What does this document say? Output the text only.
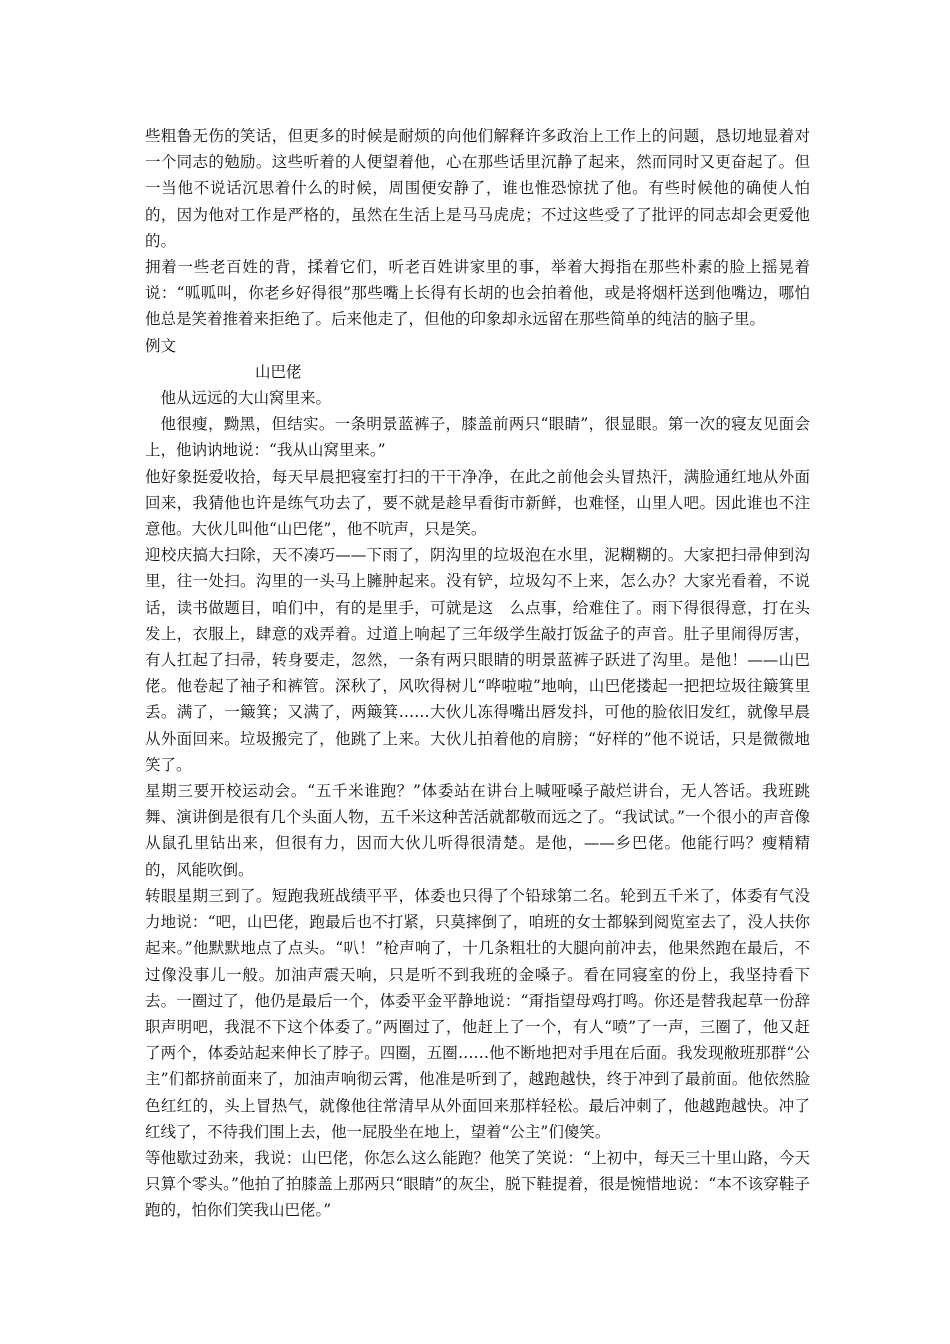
些粗鲁无伤的笑话，但更多的时候是耐烦的向他们解释许多政治上工作上的问题，恳切地显着对一个同志的勉励。这些听着的人便望着他，心在那些话里沉静了起来，然而同时又更奋起了。但一当他不说话沉思着什么的时候，周围便安静了，谁也惟恐惊扰了他。有些时候他的确使人怕的，因为他对工作是严格的，虽然在生活上是马马虎虎；不过这些受了了批评的同志却会更爱他的。

拥着一些老百姓的背，揉着它们，听老百姓讲家里的事，举着大拇指在那些朴素的脸上摇晃着说：“呱呱叫，你老乡好得很”那些嘴上长得有长胡的也会拍着他，或是将烟杆送到他嘴边，哪怕他总是笑着推着来拒绝了。后来他走了，但他的印象却永远留在那些简单的纯洁的脑子里。

例文

山巴佬

他从远远的大山窝里来。

他很瘦，黝黑，但结实。一条明景蓝裤子，膝盖前两只“眼睛”，很显眼。第一次的寝友见面会上，他讷讷地说：“我从山窝里来。”

他好象挺爱收拾，每天早晨把寝室打扫的干干净净，在此之前他会头冒热汗，满脸通红地从外面回来，我猜他也许是练气功去了，要不就是趁早看街市新鲜，也难怪，山里人吧。因此谁也不注意他。大伙儿叫他“山巴佬”，他不吭声，只是笑。

迎校庆搞大扫除，天不凑巧——下雨了，阴沟里的垃圾泡在水里，泥糊糊的。大家把扫帚伸到沟里，往一处扫。沟里的一头马上臃肿起来。没有铲，垃圾勾不上来，怎么办？大家光看着，不说话，读书做题目，咱们中，有的是里手，可就是这　么点事，给难住了。雨下得很得意，打在头发上，衣服上，肆意的戏弄着。过道上响起了三年级学生敲打饭盆子的声音。肚子里闹得厉害，有人扛起了扫帚，转身要走，忽然，一条有两只眼睛的明景蓝裤子跃进了沟里。是他！——山巴佬。他卷起了袖子和裤管。深秋了，风吹得树儿“哗啦啦”地响，山巴佬搂起一把把垃圾往簸箕里丢。满了，一簸箕；又满了，两簸箕……大伙儿冻得嘴出唇发抖，可他的脸依旧发红，就像早晨从外面回来。垃圾搬完了，他跳了上来。大伙儿拍着他的肩膀；“好样的”他不说话，只是微微地笑了。

星期三要开校运动会。“五千米谁跑？”体委站在讲台上喊哑嗓子敲烂讲台，无人答话。我班跳舞、演讲倒是很有几个头面人物，五千米这种苦活就都敬而远之了。“我试试。”一个很小的声音像从鼠孔里钻出来，但很有力，因而大伙儿听得很清楚。是他，——乡巴佬。他能行吗？瘦精精的，风能吹倒。

转眼星期三到了。短跑我班战绩平平，体委也只得了个铅球第二名。轮到五千米了，体委有气没力地说：“吧，山巴佬，跑最后也不打紧，只莫摔倒了，咱班的女士都躲到阅览室去了，没人扶你起来。”他默默地点了点头。“叭！”枪声响了，十几条粗壮的大腿向前冲去，他果然跑在最后，不过像没事儿一般。加油声震天响，只是听不到我班的金嗓子。看在同寝室的份上，我坚持看下去。一圈过了，他仍是最后一个，体委平金平静地说：“甭指望母鸡打鸣。你还是替我起草一份辞职声明吧，我混不下这个体委了。”两圈过了，他赶上了一个，有人“喷”了一声，三圈了，他又赶了两个，体委站起来伸长了脖子。四圈，五圈……他不断地把对手甩在后面。我发现敝班那群“公主”们都挤前面来了，加油声响彻云霄，他准是听到了，越跑越快，终于冲到了最前面。他依然脸色红红的，头上冒热气，就像他往常清早从外面回来那样轻松。最后冲刺了，他越跑越快。冲了红线了，不待我们围上去，他一屁股坐在地上，望着“公主”们傻笑。

等他歇过劲来，我说：山巴佬，你怎么这么能跑？他笑了笑说：“上初中，每天三十里山路，今天只算个零头。”他拍了拍膝盖上那两只“眼睛”的灰尘，脱下鞋提着，很是惋惜地说：“本不该穿鞋子跑的，怕你们笑我山巴佬。”
